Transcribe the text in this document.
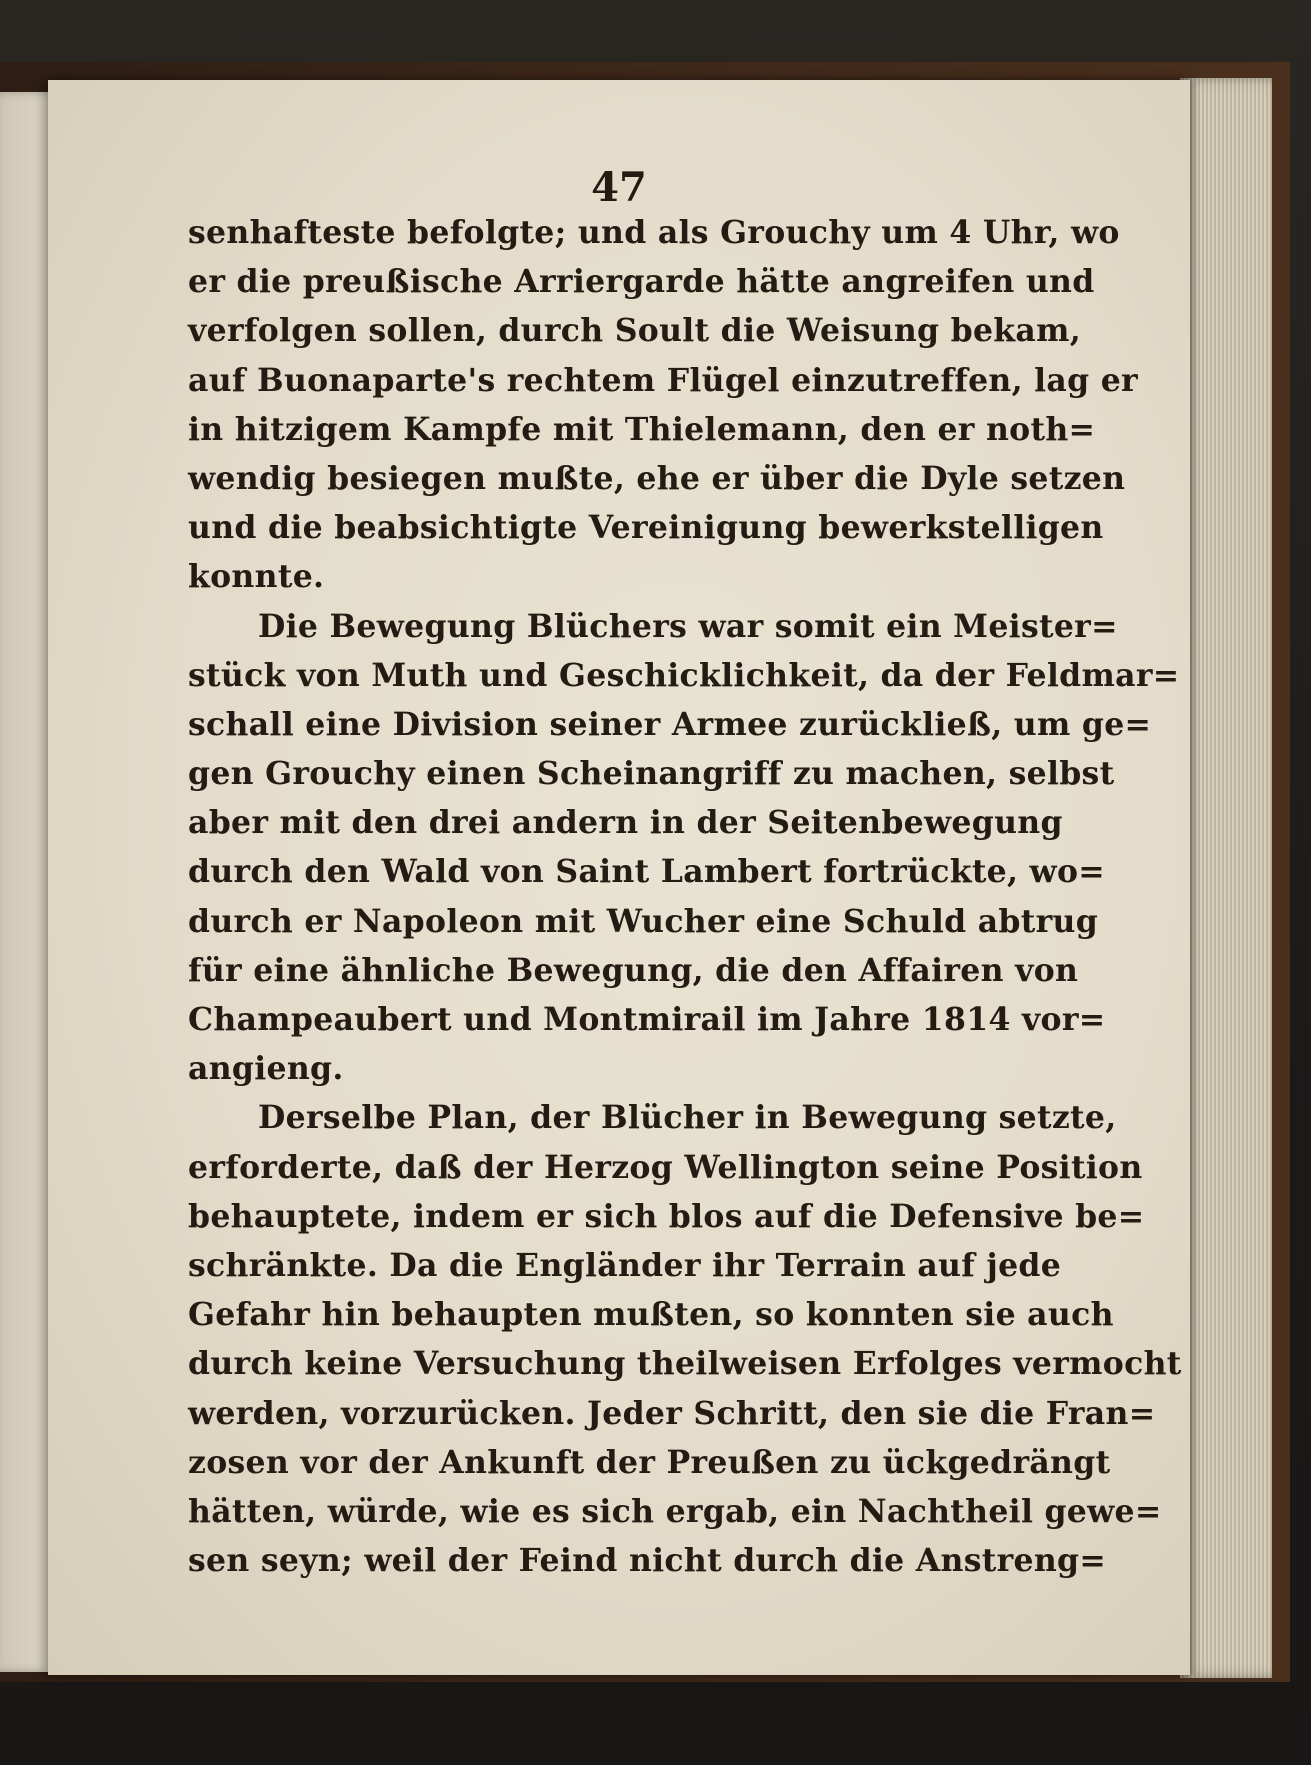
47
senhafteste befolgte; und als Grouchy um 4 Uhr, wo
er die preußische Arriergarde hätte angreifen und
verfolgen sollen, durch Soult die Weisung bekam,
auf Buonaparte's rechtem Flügel einzutreffen, lag er
in hitzigem Kampfe mit Thielemann, den er noth=
wendig besiegen mußte, ehe er über die Dyle setzen
und die beabsichtigte Vereinigung bewerkstelligen
konnte.
Die Bewegung Blüchers war somit ein Meister=
stück von Muth und Geschicklichkeit, da der Feldmar=
schall eine Division seiner Armee zurückließ, um ge=
gen Grouchy einen Scheinangriff zu machen, selbst
aber mit den drei andern in der Seitenbewegung
durch den Wald von Saint Lambert fortrückte, wo=
durch er Napoleon mit Wucher eine Schuld abtrug
für eine ähnliche Bewegung, die den Affairen von
Champeaubert und Montmirail im Jahre 1814 vor=
angieng.
Derselbe Plan, der Blücher in Bewegung setzte,
erforderte, daß der Herzog Wellington seine Position
behauptete, indem er sich blos auf die Defensive be=
schränkte. Da die Engländer ihr Terrain auf jede
Gefahr hin behaupten mußten, so konnten sie auch
durch keine Versuchung theilweisen Erfolges vermocht
werden, vorzurücken. Jeder Schritt, den sie die Fran=
zosen vor der Ankunft der Preußen zu ückgedrängt
hätten, würde, wie es sich ergab, ein Nachtheil gewe=
sen seyn; weil der Feind nicht durch die Anstreng=
